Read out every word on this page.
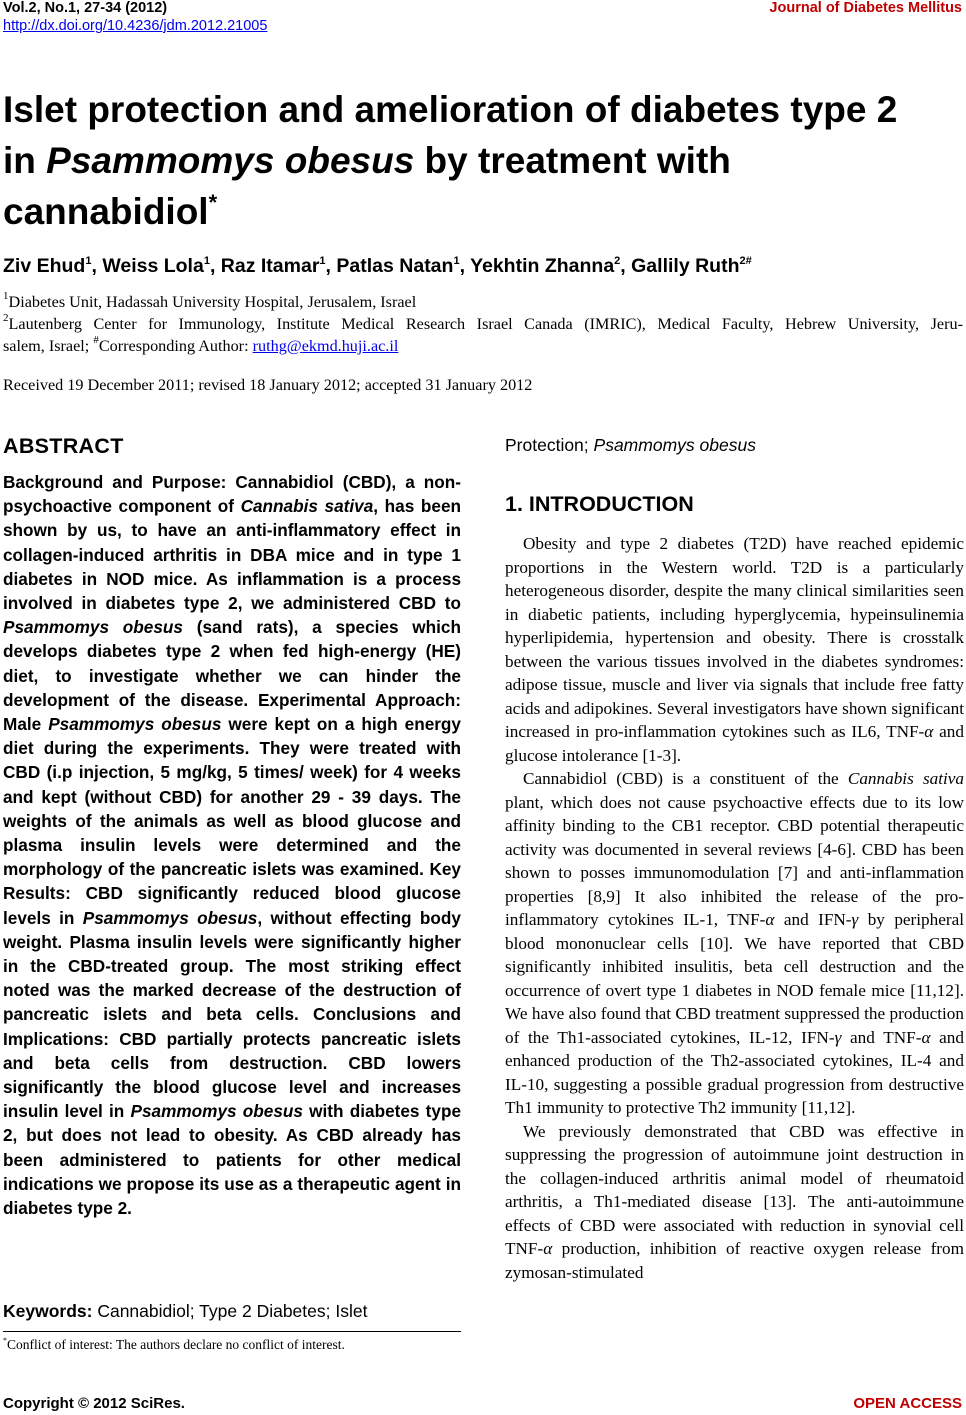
Vol.2, No.1, 27-34 (2012)
http://dx.doi.org/10.4236/jdm.2012.21005
Journal of Diabetes Mellitus
Islet protection and amelioration of diabetes type 2
in Psammomys obesus by treatment with
cannabidiol*
Ziv Ehud$^1$, Weiss Lola$^1$, Raz Itamar$^1$, Patlas Natan$^1$, Yekhtin Zhanna$^2$, Gallily Ruth$^{2\#}$
$^1$Diabetes Unit, Hadassah University Hospital, Jerusalem, Israel
$^2$Lautenberg Center for Immunology, Institute Medical Research Israel Canada (IMRIC), Medical Faculty, Hebrew University, Jeru-
salem, Israel; #Corresponding Author: ruthg@ekmd.huji.ac.il
Received 19 December 2011; revised 18 January 2012; accepted 31 January 2012
ABSTRACT
Background and Purpose: Cannabidiol (CBD), a non-psychoactive component of Cannabis sativa, has been shown by us, to have an anti-inflammatory effect in collagen-induced arthritis in DBA mice and in type 1 diabetes in NOD mice. As inflammation is a process involved in diabetes type 2, we administered CBD to Psammomys obesus (sand rats), a species which develops diabetes type 2 when fed high-energy (HE) diet, to investigate whether we can hinder the development of the disease. Experimental Approach: Male Psammomys obesus were kept on a high energy diet during the experiments. They were treated with CBD (i.p injection, 5 mg/kg, 5 times/ week) for 4 weeks and kept (without CBD) for another 29 - 39 days. The weights of the animals as well as blood glucose and plasma insulin levels were determined and the morphology of the pancreatic islets was examined. Key Results: CBD significantly reduced blood glucose levels in Psammomys obesus, without effecting body weight. Plasma insulin levels were significantly higher in the CBD-treated group. The most striking effect noted was the marked decrease of the destruction of pancreatic islets and beta cells. Conclusions and Implications: CBD partially protects pancreatic islets and beta cells from destruction. CBD lowers significantly the blood glucose level and increases insulin level in Psammomys obesus with diabetes type 2, but does not lead to obesity. As CBD already has been administered to patients for other medical indications we propose its use as a therapeutic agent in diabetes type 2.
Keywords: Cannabidiol; Type 2 Diabetes; Islet
*Conflict of interest: The authors declare no conflict of interest.
Protection; Psammomys obesus
1. INTRODUCTION

Obesity and type 2 diabetes (T2D) have reached epidemic proportions in the Western world. T2D is a particularly heterogeneous disorder, despite the many clinical similarities seen in diabetic patients, including hyperglycemia, hypeinsulinemia hyperlipidemia, hypertension and obesity. There is crosstalk between the various tissues involved in the diabetes syndromes: adipose tissue, muscle and liver via signals that include free fatty acids and adipokines. Several investigators have shown significant increased in pro-inflammation cytokines such as IL6, TNF-α and glucose intolerance [1-3].

Cannabidiol (CBD) is a constituent of the Cannabis sativa plant, which does not cause psychoactive effects due to its low affinity binding to the CB1 receptor. CBD potential therapeutic activity was documented in several reviews [4-6]. CBD has been shown to posses immunomodulation [7] and anti-inflammation properties [8,9] It also inhibited the release of the pro-inflammatory cytokines IL-1, TNF-α and IFN-γ by peripheral blood mononuclear cells [10]. We have reported that CBD significantly inhibited insulitis, beta cell destruction and the occurrence of overt type 1 diabetes in NOD female mice [11,12]. We have also found that CBD treatment suppressed the production of the Th1-associated cytokines, IL-12, IFN-γ and TNF-α and enhanced production of the Th2-associated cytokines, IL-4 and IL-10, suggesting a possible gradual progression from destructive Th1 immunity to protective Th2 immunity [11,12].

We previously demonstrated that CBD was effective in suppressing the progression of autoimmune joint destruction in the collagen-induced arthritis animal model of rheumatoid arthritis, a Th1-mediated disease [13]. The anti-autoimmune effects of CBD were associated with reduction in synovial cell TNF-α production, inhibition of reactive oxygen release from zymosan-stimulated

Copyright © 2012 SciRes.	OPEN ACCESS
